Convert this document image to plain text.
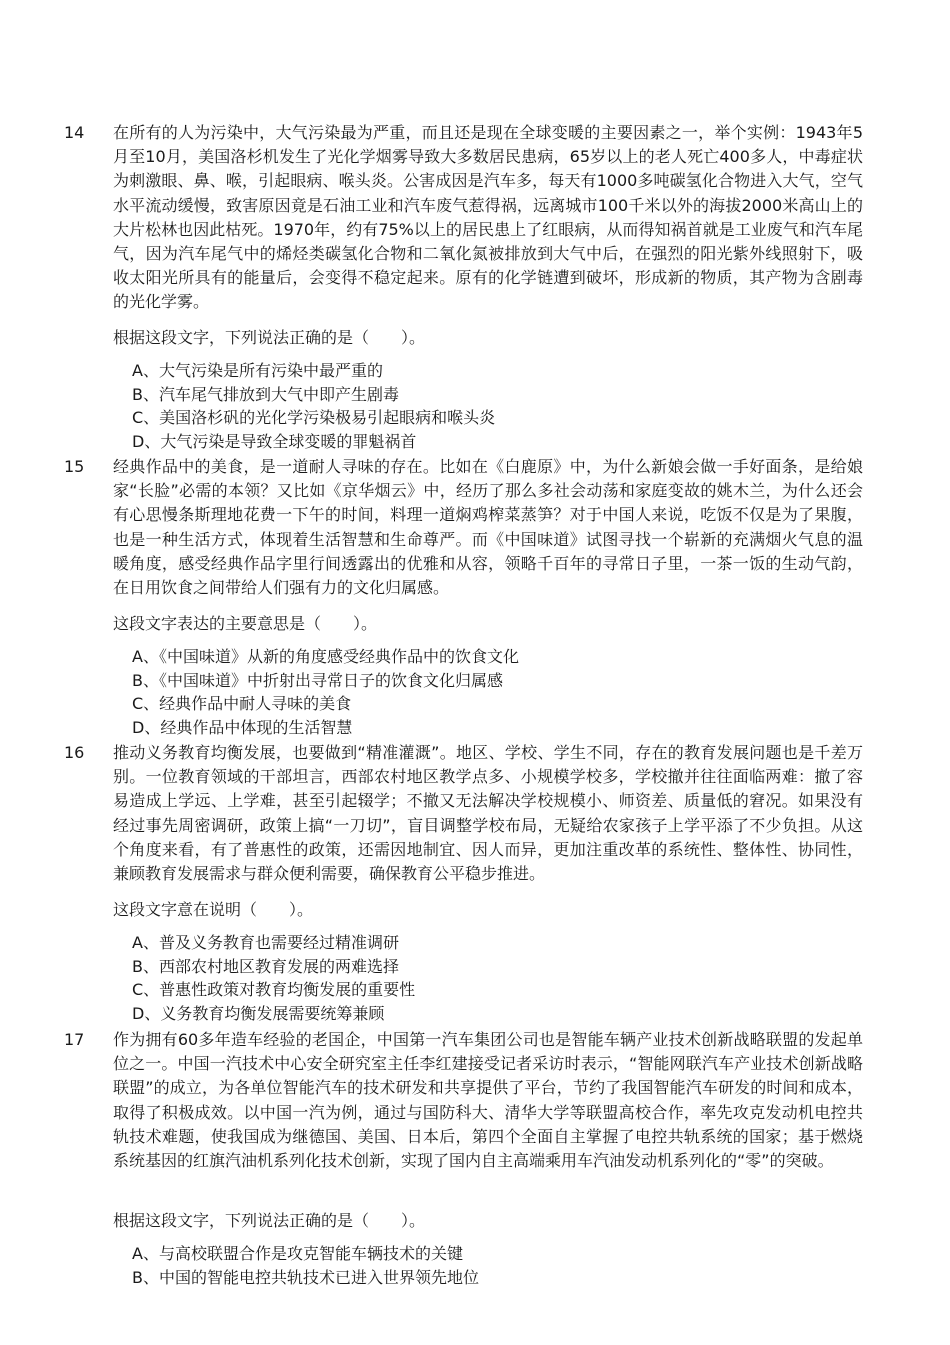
14 在所有的人为污染中，大气污染最为严重，而且还是现在全球变暖的主要因素之一，举个实例：1943年5月至10月，美国洛杉机发生了光化学烟雾导致大多数居民患病，65岁以上的老人死亡400多人，中毒症状为刺激眼、鼻、喉，引起眼病、喉头炎。公害成因是汽车多，每天有1000多吨碳氢化合物进入大气，空气水平流动缓慢，致害原因竟是石油工业和汽车废气惹得祸，远离城市100千米以外的海拔2000米高山上的大片松林也因此枯死。1970年，约有75%以上的居民患上了红眼病，从而得知祸首就是工业废气和汽车尾气，因为汽车尾气中的烯烃类碳氢化合物和二氧化氮被排放到大气中后，在强烈的阳光紫外线照射下，吸收太阳光所具有的能量后，会变得不稳定起来。原有的化学链遭到破坏，形成新的物质，其产物为含剧毒的光化学雾。

根据这段文字，下列说法正确的是（　　）。
A、大气污染是所有污染中最严重的
B、汽车尾气排放到大气中即产生剧毒
C、美国洛杉矾的光化学污染极易引起眼病和喉头炎
D、大气污染是导致全球变暖的罪魁祸首
15 经典作品中的美食，是一道耐人寻味的存在。比如在《白鹿原》中，为什么新娘会做一手好面条，是给娘家“长脸”必需的本领？又比如《京华烟云》中，经历了那么多社会动荡和家庭变故的姚木兰，为什么还会有心思慢条斯理地花费一下午的时间，料理一道焖鸡榨菜蒸笋？对于中国人来说，吃饭不仅是为了果腹，也是一种生活方式，体现着生活智慧和生命尊严。而《中国味道》试图寻找一个崭新的充满烟火气息的温暖角度，感受经典作品字里行间透露出的优雅和从容，领略千百年的寻常日子里，一茶一饭的生动气韵，在日用饮食之间带给人们强有力的文化归属感。

这段文字表达的主要意思是（　　）。
A、《中国味道》从新的角度感受经典作品中的饮食文化
B、《中国味道》中折射出寻常日子的饮食文化归属感
C、经典作品中耐人寻味的美食
D、经典作品中体现的生活智慧
16 推动义务教育均衡发展，也要做到“精准灌溉”。地区、学校、学生不同，存在的教育发展问题也是千差万别。一位教育领域的干部坦言，西部农村地区教学点多、小规模学校多，学校撤并往往面临两难：撤了容易造成上学远、上学难，甚至引起辍学；不撤又无法解决学校规模小、师资差、质量低的窘况。如果没有经过事先周密调研，政策上搞“一刀切”，盲目调整学校布局，无疑给农家孩子上学平添了不少负担。从这个角度来看，有了普惠性的政策，还需因地制宜、因人而异，更加注重改革的系统性、整体性、协同性，兼顾教育发展需求与群众便利需要，确保教育公平稳步推进。

这段文字意在说明（　　）。
A、普及义务教育也需要经过精准调研
B、西部农村地区教育发展的两难选择
C、普惠性政策对教育均衡发展的重要性
D、义务教育均衡发展需要统筹兼顾
17 作为拥有60多年造车经验的老国企，中国第一汽车集团公司也是智能车辆产业技术创新战略联盟的发起单位之一。中国一汽技术中心安全研究室主任李红建接受记者采访时表示，“智能网联汽车产业技术创新战略联盟”的成立，为各单位智能汽车的技术研发和共享提供了平台，节约了我国智能汽车研发的时间和成本，取得了积极成效。以中国一汽为例，通过与国防科大、清华大学等联盟高校合作，率先攻克发动机电控共轨技术难题，使我国成为继德国、美国、日本后，第四个全面自主掌握了电控共轨系统的国家；基于燃烧系统基因的红旗汽油机系列化技术创新，实现了国内自主高端乘用车汽油发动机系列化的“零”的突破。

根据这段文字，下列说法正确的是（　　）。
A、与高校联盟合作是攻克智能车辆技术的关键
B、中国的智能电控共轨技术已进入世界领先地位
